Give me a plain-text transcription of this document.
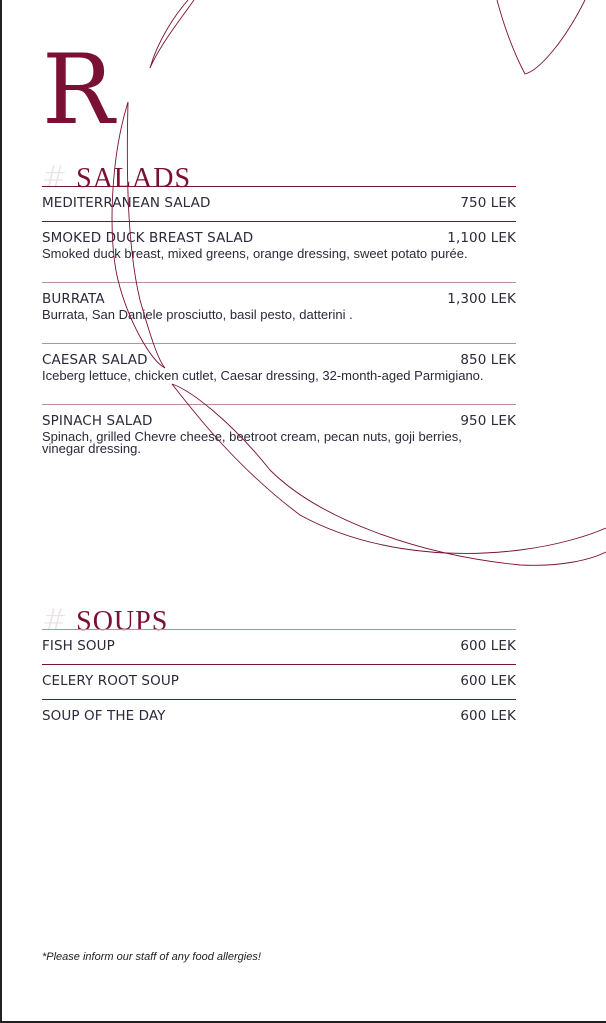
R
# SALADS
MEDITERRANEAN SALAD	750 LEK
SMOKED DUCK BREAST SALAD	1,100 LEK
Smoked duck breast, mixed greens, orange dressing, sweet potato purée.
BURRATA	1,300 LEK
Burrata, San Daniele prosciutto, basil pesto, datterini .
CAESAR SALAD	850 LEK
Iceberg lettuce, chicken cutlet, Caesar dressing, 32-month-aged Parmigiano.
SPINACH SALAD	950 LEK
Spinach, grilled Chevre cheese, beetroot cream, pecan nuts, goji berries, vinegar dressing.
# SOUPS
FISH SOUP	600 LEK
CELERY ROOT SOUP	600 LEK
SOUP OF THE DAY	600 LEK
*Please inform our staff of any food allergies!
